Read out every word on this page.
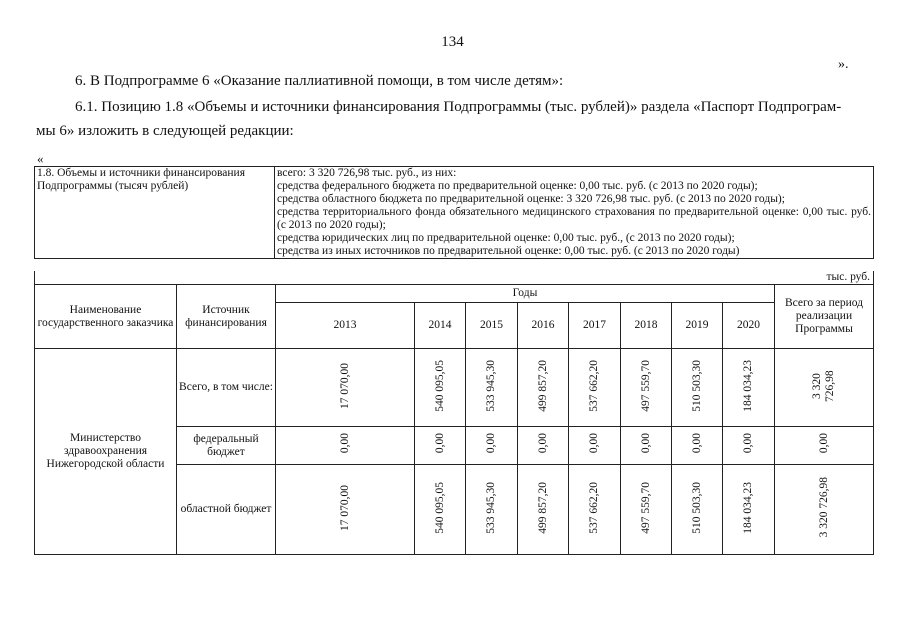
134
».
6. В Подпрограмме 6 «Оказание паллиативной помощи, в том числе детям»:
6.1. Позицию 1.8 «Объемы и источники финансирования Подпрограммы (тыс. рублей)» раздела «Паспорт Подпрограм-
мы 6» изложить в следующей редакции:
«
1.8. Объемы и источники финансирования Подпрограммы (тысяч рублей)	
всего: 3 320 726,98 тыс. руб., из них:
средства федерального бюджета по предварительной оценке: 0,00 тыс. руб. (с 2013 по 2020 годы);
средства областного бюджета по предварительной оценке: 3 320 726,98 тыс. руб. (с 2013 по 2020 годы);
средства территориального фонда обязательного медицинского страхования по предварительной оценке: 0,00 тыс. руб. (с 2013 по 2020 годы);
средства юридических лиц по предварительной оценке: 0,00 тыс. руб., (с 2013 по 2020 годы);
средства из иных источников по предварительной оценке: 0,00 тыс. руб. (с 2013 по 2020 годы)
тыс. руб.										
Наименование государственного заказчика	Источник финансирования	Годы								Всего за период реализации Программы
		2013	2014	2015	2016	2017	2018	2019	2020	
Министерство здравоохранения Нижегородской области	Всего, в том числе:	17 070,00	540 095,05	533 945,30	499 857,20	537 662,20	497 559,70	510 503,30	184 034,23	3 320 726,98
	федеральный бюджет	0,00	0,00	0,00	0,00	0,00	0,00	0,00	0,00	0,00
	областной бюджет	17 070,00	540 095,05	533 945,30	499 857,20	537 662,20	497 559,70	510 503,30	184 034,23	3 320 726,98
